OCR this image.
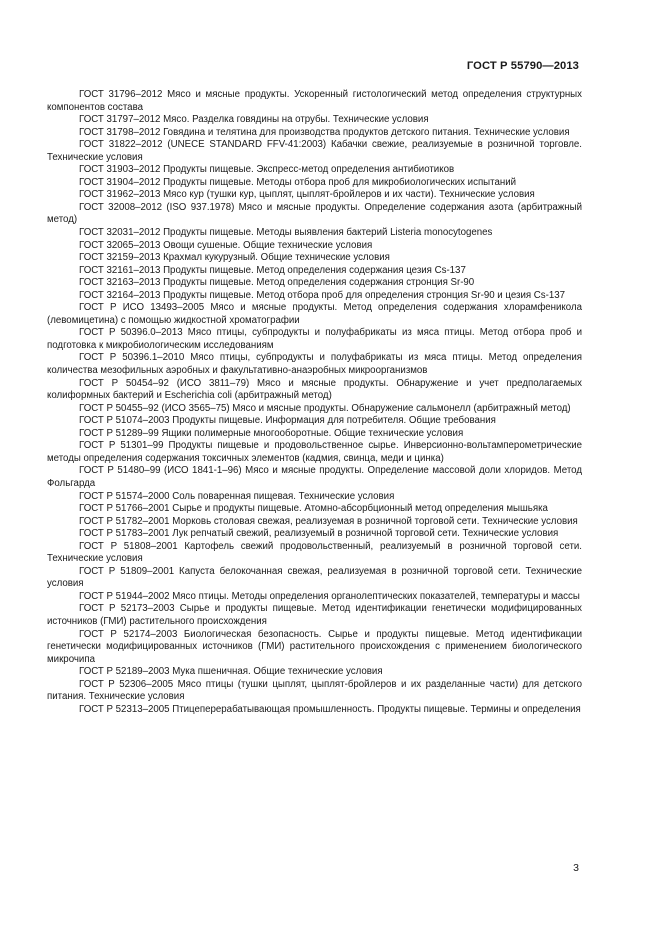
ГОСТ Р 55790—2013

ГОСТ 31796–2012 Мясо и мясные продукты. Ускоренный гистологический метод определения структурных компонентов состава

ГОСТ 31797–2012 Мясо. Разделка говядины на отрубы. Технические условия

ГОСТ 31798–2012 Говядина и телятина для производства продуктов детского питания. Технические условия

ГОСТ 31822–2012 (UNECE STANDARD FFV-41:2003) Кабачки свежие, реализуемые в розничной торговле. Технические условия

ГОСТ 31903–2012 Продукты пищевые. Экспресс-метод определения антибиотиков

ГОСТ 31904–2012 Продукты пищевые. Методы отбора проб для микробиологических испытаний

ГОСТ 31962–2013 Мясо кур (тушки кур, цыплят, цыплят-бройлеров и их части). Технические условия

ГОСТ 32008–2012 (ISO 937.1978) Мясо и мясные продукты. Определение содержания азота (арбитражный метод)

ГОСТ 32031–2012 Продукты пищевые. Методы выявления бактерий Listeria monocytogenes

ГОСТ 32065–2013 Овощи сушеные. Общие технические условия

ГОСТ 32159–2013 Крахмал кукурузный. Общие технические условия

ГОСТ 32161–2013 Продукты пищевые. Метод определения содержания цезия Cs-137

ГОСТ 32163–2013 Продукты пищевые. Метод определения содержания стронция Sr-90

ГОСТ 32164–2013 Продукты пищевые. Метод отбора проб для определения стронция Sr-90 и цезия Cs-137

ГОСТ Р ИСО 13493–2005 Мясо и мясные продукты. Метод определения содержания хлорамфеникола (левомицетина) с помощью жидкостной хроматографии

ГОСТ Р 50396.0–2013 Мясо птицы, субпродукты и полуфабрикаты из мяса птицы. Метод отбора проб и подготовка к микробиологическим исследованиям

ГОСТ Р 50396.1–2010 Мясо птицы, субпродукты и полуфабрикаты из мяса птицы. Метод определения количества мезофильных аэробных и факультативно-анаэробных микроорганизмов

ГОСТ Р 50454–92 (ИСО 3811–79) Мясо и мясные продукты. Обнаружение и учет предполагаемых колиформных бактерий и Escherichia coli (арбитражный метод)

ГОСТ Р 50455–92 (ИСО 3565–75) Мясо и мясные продукты. Обнаружение сальмонелл (арбитражный метод)

ГОСТ Р 51074–2003 Продукты пищевые. Информация для потребителя. Общие требования

ГОСТ Р 51289–99 Ящики полимерные многооборотные. Общие технические условия

ГОСТ Р 51301–99 Продукты пищевые и продовольственное сырье. Инверсионно-вольтамперометрические методы определения содержания токсичных элементов (кадмия, свинца, меди и цинка)

ГОСТ Р 51480–99 (ИСО 1841-1–96) Мясо и мясные продукты. Определение массовой доли хлоридов. Метод Фольгарда

ГОСТ Р 51574–2000 Соль поваренная пищевая. Технические условия

ГОСТ Р 51766–2001 Сырье и продукты пищевые. Атомно-абсорбционный метод определения мышьяка

ГОСТ Р 51782–2001 Морковь столовая свежая, реализуемая в розничной торговой сети. Технические условия

ГОСТ Р 51783–2001 Лук репчатый свежий, реализуемый в розничной торговой сети. Технические условия

ГОСТ Р 51808–2001 Картофель свежий продовольственный, реализуемый в розничной торговой сети. Технические условия

ГОСТ Р 51809–2001 Капуста белокочанная свежая, реализуемая в розничной торговой сети. Технические условия

ГОСТ Р 51944–2002 Мясо птицы. Методы определения органолептических показателей, температуры и массы

ГОСТ Р 52173–2003 Сырье и продукты пищевые. Метод идентификации генетически модифицированных источников (ГМИ) растительного происхождения

ГОСТ Р 52174–2003 Биологическая безопасность. Сырье и продукты пищевые. Метод идентификации генетически модифицированных источников (ГМИ) растительного происхождения с применением биологического микрочипа

ГОСТ Р 52189–2003 Мука пшеничная. Общие технические условия

ГОСТ Р 52306–2005 Мясо птицы (тушки цыплят, цыплят-бройлеров и их разделанные части) для детского питания. Технические условия

ГОСТ Р 52313–2005 Птицеперерабатывающая промышленность. Продукты пищевые. Термины и определения

3
